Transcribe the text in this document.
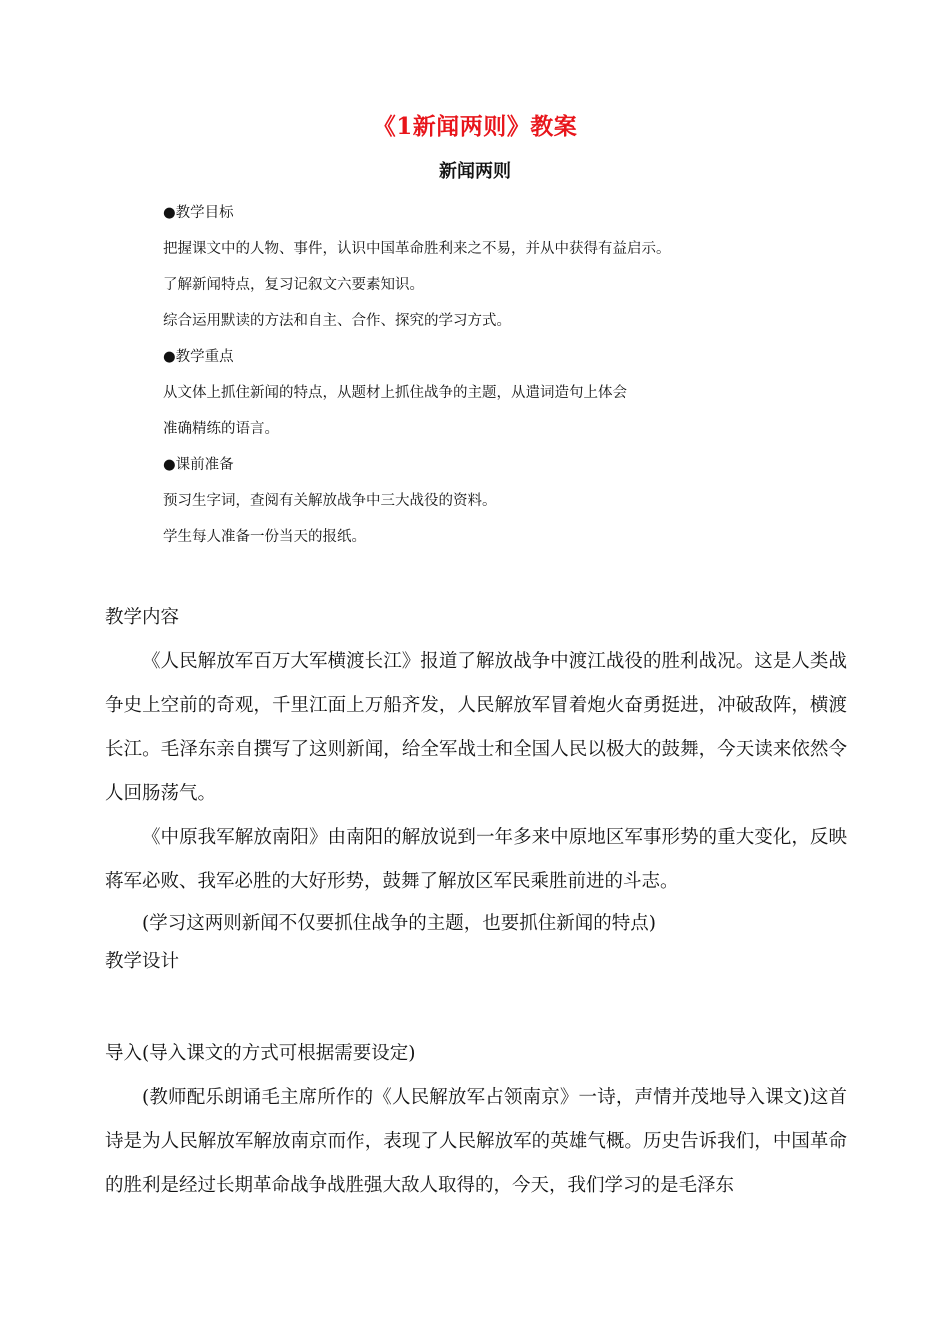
《1新闻两则》教案
新闻两则
●教学目标
把握课文中的人物、事件，认识中国革命胜利来之不易，并从中获得有益启示。
了解新闻特点，复习记叙文六要素知识。
综合运用默读的方法和自主、合作、探究的学习方式。
●教学重点
从文体上抓住新闻的特点，从题材上抓住战争的主题，从遣词造句上体会
准确精练的语言。
●课前准备
预习生字词，查阅有关解放战争中三大战役的资料。
学生每人准备一份当天的报纸。

教学内容

《人民解放军百万大军横渡长江》报道了解放战争中渡江战役的胜利战况。这是人类战争史上空前的奇观，千里江面上万船齐发，人民解放军冒着炮火奋勇挺进，冲破敌阵，横渡长江。毛泽东亲自撰写了这则新闻，给全军战士和全国人民以极大的鼓舞，今天读来依然令人回肠荡气。

《中原我军解放南阳》由南阳的解放说到一年多来中原地区军事形势的重大变化，反映蒋军必败、我军必胜的大好形势，鼓舞了解放区军民乘胜前进的斗志。

(学习这两则新闻不仅要抓住战争的主题，也要抓住新闻的特点)

教学设计

导入(导入课文的方式可根据需要设定)

(教师配乐朗诵毛主席所作的《人民解放军占领南京》一诗，声情并茂地导入课文)这首诗是为人民解放军解放南京而作，表现了人民解放军的英雄气概。历史告诉我们，中国革命的胜利是经过长期革命战争战胜强大敌人取得的，今天，我们学习的是毛泽东
